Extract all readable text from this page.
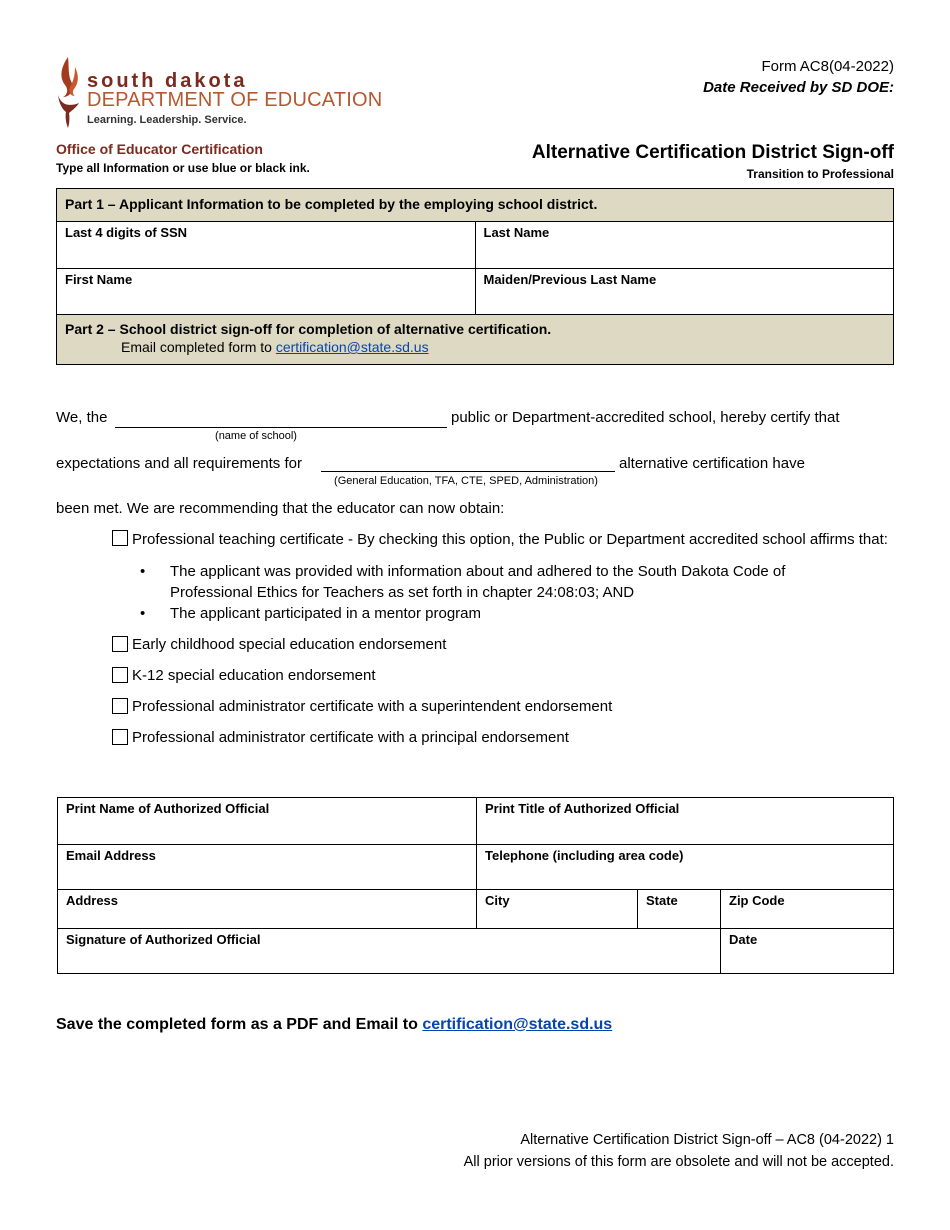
south dakota
DEPARTMENT OF EDUCATION
Learning. Leadership. Service.
Form AC8(04-2022)
Date Received by SD DOE:
Office of Educator Certification
Type all Information or use blue or black ink.
Alternative Certification District Sign-off
Transition to Professional
Part 1 – Applicant Information to be completed by the employing school district.
Last 4 digits of SSN	Last Name
First Name	Maiden/Previous Last Name
Part 2 – School district sign-off for completion of alternative certification.
Email completed form to certification@state.sd.us
We, the	public or Department-accredited school, hereby certify that
(name of school)
expectations and all requirements for	alternative certification have
(General Education, TFA, CTE, SPED, Administration)
been met. We are recommending that the educator can now obtain:
Professional teaching certificate - By checking this option, the Public or Department accredited school affirms that:
• The applicant was provided with information about and adhered to the South Dakota Code of Professional Ethics for Teachers as set forth in chapter 24:08:03; AND
• The applicant participated in a mentor program
Early childhood special education endorsement
K-12 special education endorsement
Professional administrator certificate with a superintendent endorsement
Professional administrator certificate with a principal endorsement
Print Name of Authorized Official	Print Title of Authorized Official
Email Address	Telephone (including area code)
Address	City	State	Zip Code
Signature of Authorized Official	Date
Save the completed form as a PDF and Email to certification@state.sd.us
Alternative Certification District Sign-off – AC8 (04-2022) 1
All prior versions of this form are obsolete and will not be accepted.
